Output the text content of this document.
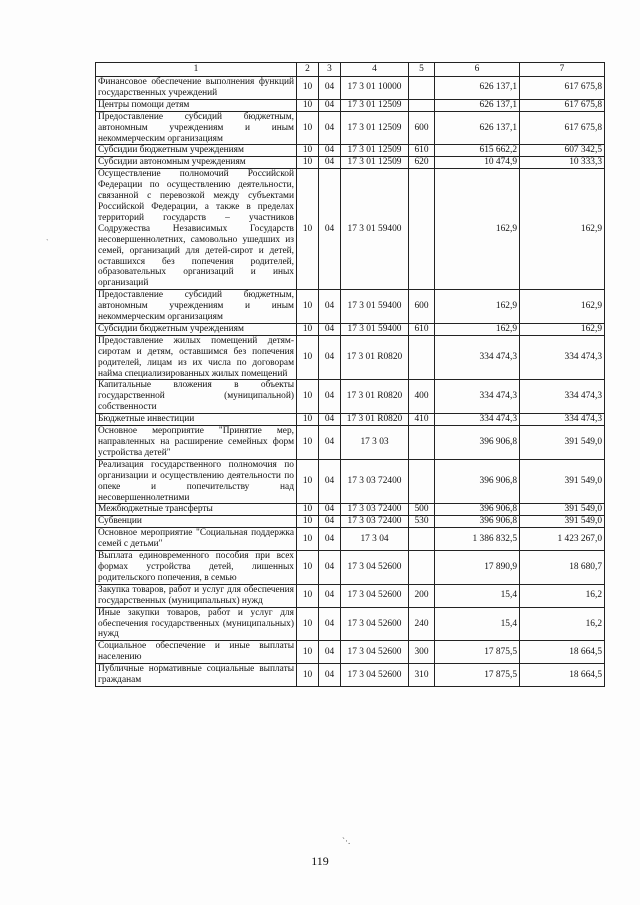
`
1	2	3	4	5	6	7
Финансовое обеспечение выполнения функций государственных учреждений	10	04	17 3 01 10000		626 137,1	617 675,8
Центры помощи детям	10	04	17 3 01 12509		626 137,1	617 675,8
Предоставление субсидий бюджетным, автономным учреждениям и иным некоммерческим организациям	10	04	17 3 01 12509	600	626 137,1	617 675,8
Субсидии бюджетным учреждениям	10	04	17 3 01 12509	610	615 662,2	607 342,5
Субсидии автономным учреждениям	10	04	17 3 01 12509	620	10 474,9	10 333,3
Осуществление полномочий Российской Федерации по осуществлению деятельности, связанной с перевозкой между субъектами Российской Федерации, а также в пределах территорий государств – участников Содружества Независимых Государств несовершеннолетних, самовольно ушедших из семей, организаций для детей-сирот и детей, оставшихся без попечения родителей, образовательных организаций и иных организаций	10	04	17 3 01 59400		162,9	162,9
Предоставление субсидий бюджетным, автономным учреждениям и иным некоммерческим организациям	10	04	17 3 01 59400	600	162,9	162,9
Субсидии бюджетным учреждениям	10	04	17 3 01 59400	610	162,9	162,9
Предоставление жилых помещений детям-сиротам и детям, оставшимся без попечения родителей, лицам из их числа по договорам найма специализированных жилых помещений	10	04	17 3 01 R0820		334 474,3	334 474,3
Капитальные вложения в объекты государственной (муниципальной) собственности	10	04	17 3 01 R0820	400	334 474,3	334 474,3
Бюджетные инвестиции	10	04	17 3 01 R0820	410	334 474,3	334 474,3
Основное мероприятие "Принятие мер, направленных на расширение семейных форм устройства детей"	10	04	17 3 03		396 906,8	391 549,0
Реализация государственного полномочия по организации и осуществлению деятельности по опеке и попечительству над несовершеннолетними	10	04	17 3 03 72400		396 906,8	391 549,0
Межбюджетные трансферты	10	04	17 3 03 72400	500	396 906,8	391 549,0
Субвенции	10	04	17 3 03 72400	530	396 906,8	391 549,0
Основное мероприятие "Социальная поддержка семей с детьми"	10	04	17 3 04		1 386 832,5	1 423 267,0
Выплата единовременного пособия при всех формах устройства детей, лишенных родительского попечения, в семью	10	04	17 3 04 52600		17 890,9	18 680,7
Закупка товаров, работ и услуг для обеспечения государственных (муниципальных) нужд	10	04	17 3 04 52600	200	15,4	16,2
Иные закупки товаров, работ и услуг для обеспечения государственных (муниципальных) нужд	10	04	17 3 04 52600	240	15,4	16,2
Социальное обеспечение и иные выплаты населению	10	04	17 3 04 52600	300	17 875,5	18 664,5
Публичные нормативные социальные выплаты гражданам	10	04	17 3 04 52600	310	17 875,5	18 664,5
`·.
119
